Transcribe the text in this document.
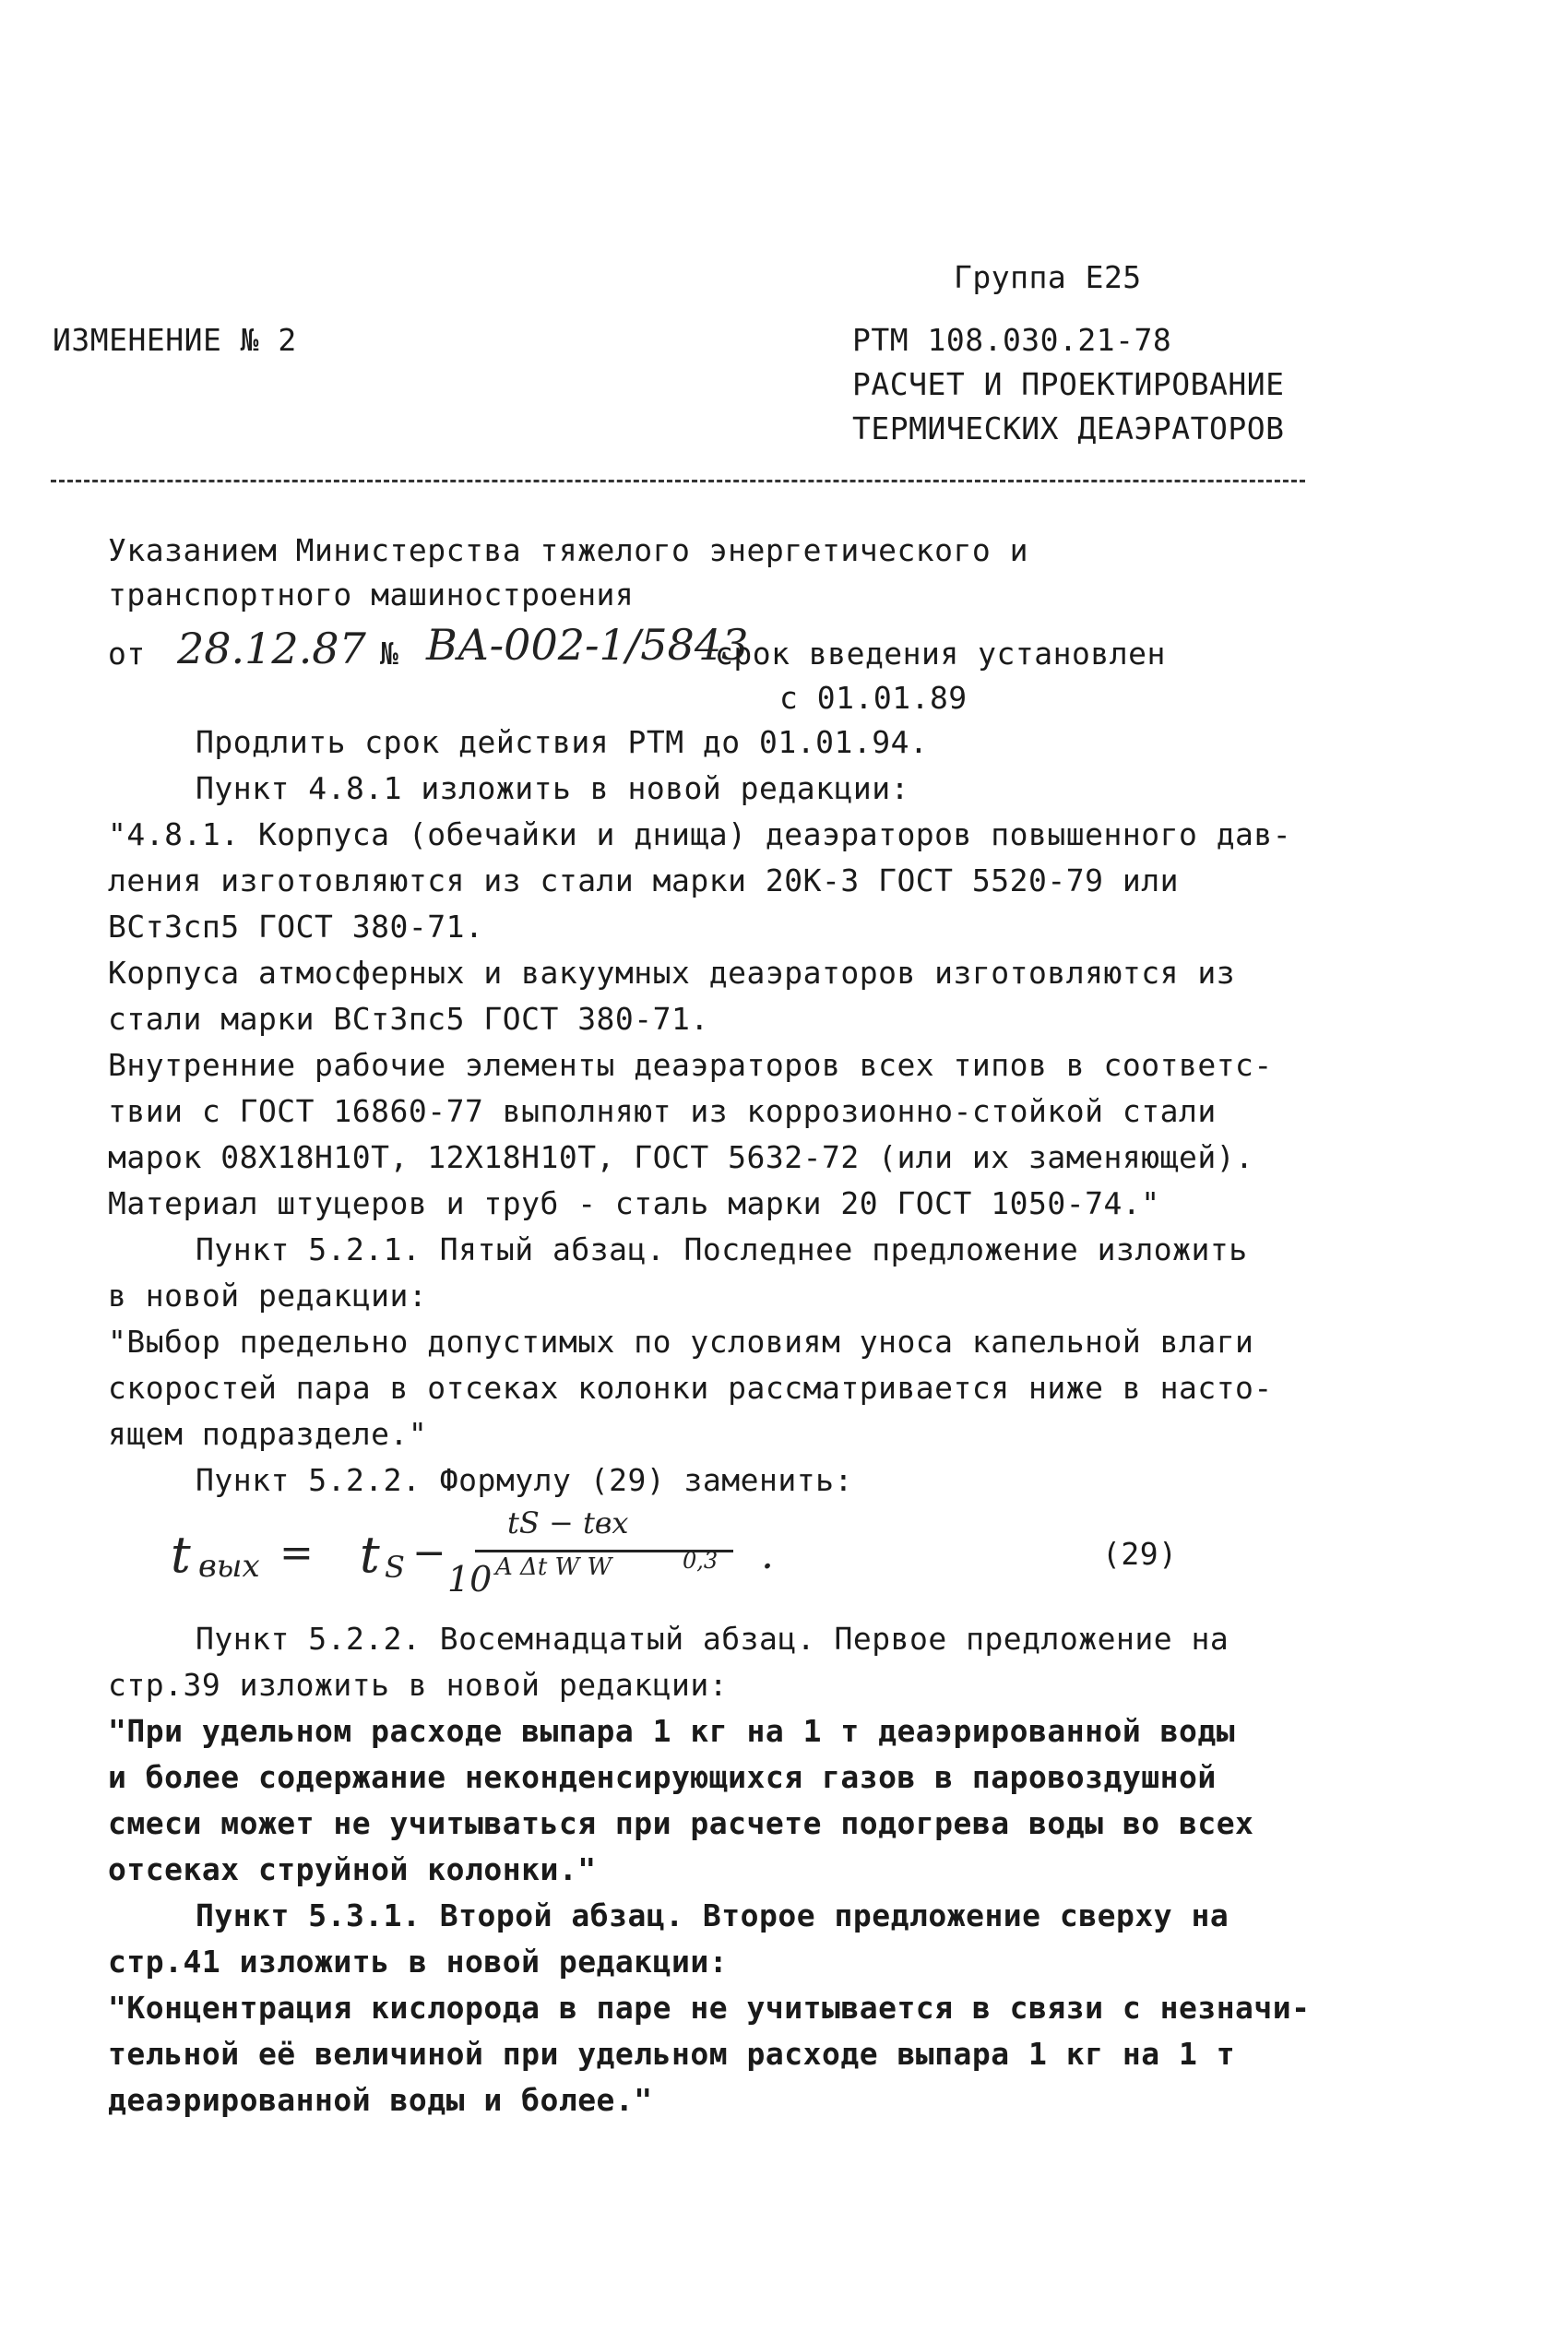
Группа Е25
ИЗМЕНЕНИЕ № 2	РТМ 108.030.21-78
РАСЧЕТ И ПРОЕКТИРОВАНИЕ
ТЕРМИЧЕСКИХ ДЕАЭРАТОРОВ
Указанием Министерства тяжелого энергетического и
транспортного машиностроения
от 28.12.87 № ВА-002-1/5843
срок введения установлен
с 01.01.89
Продлить срок действия РТМ до 01.01.94.
Пункт 4.8.1 изложить в новой редакции:
"4.8.1. Корпуса (обечайки и днища) деаэраторов повышенного дав-
ления изготовляются из стали марки 20К-3 ГОСТ 5520-79 или
ВСт3сп5 ГОСТ 380-71.
Корпуса атмосферных и вакуумных деаэраторов изготовляются из
стали марки ВСт3пс5 ГОСТ 380-71.
Внутренние рабочие элементы деаэраторов всех типов в соответс-
твии с ГОСТ 16860-77 выполняют из коррозионно-стойкой стали
марок 08Х18Н10Т, 12Х18Н10Т, ГОСТ 5632-72 (или их заменяющей).
Материал штуцеров и труб - сталь марки 20 ГОСТ 1050-74."
Пункт 5.2.1. Пятый абзац. Последнее предложение изложить
в новой редакции:
"Выбор предельно допустимых по условиям уноса капельной влаги
скоростей пара в отсеках колонки рассматривается ниже в насто-
ящем подразделе."
Пункт 5.2.2. Формулу (29) заменить:
t вых = t S −
tS − tвх
10 A Δt W W	0,3 .	(29)
Пункт 5.2.2. Восемнадцатый абзац. Первое предложение на
стр.39 изложить в новой редакции:
"При удельном расходе выпара 1 кг на 1 т деаэрированной воды
и более содержание неконденсирующихся газов в паровоздушной
смеси может не учитываться при расчете подогрева воды во всех
отсеках струйной колонки."
Пункт 5.3.1. Второй абзац. Второе предложение сверху на
стр.41 изложить в новой редакции:
"Концентрация кислорода в паре не учитывается в связи с незначи-
тельной её величиной при удельном расходе выпара 1 кг на 1 т
деаэрированной воды и более."
